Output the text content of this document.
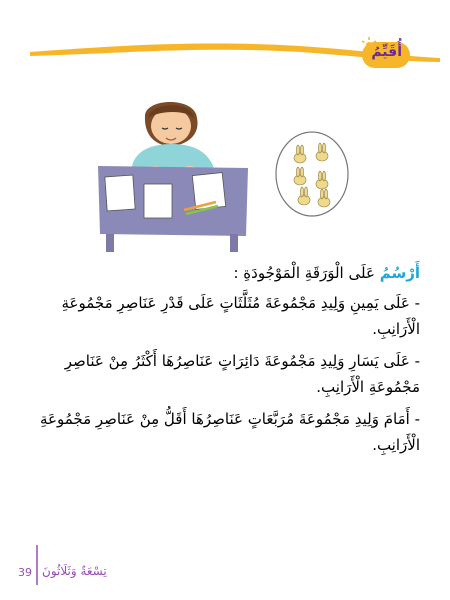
أُقَيِّمُ

أَرْسُمُ عَلَى الْوَرَقَةِ الْمَوْجُودَةِ :

- عَلَى يَمِينِ وَلِيدِ مَجْمُوعَةَ مُثَلَّثَاتٍ عَلَى قَدْرِ عَنَاصِرِ مَجْمُوعَةِ الْأَرَانِبِ.

- عَلَى يَسَارِ وَلِيدِ مَجْمُوعَةَ دَائِرَاتٍ عَنَاصِرُهَا أَكْثَرُ مِنْ عَنَاصِرِ مَجْمُوعَةِ الْأَرَانِبِ.

- أَمَامَ وَلِيدِ مَجْمُوعَةَ مُرَبَّعَاتٍ عَنَاصِرُهَا أَقَلُّ مِنْ عَنَاصِرِ مَجْمُوعَةِ الْأَرَانِبِ.

39 تِسْعَةٌ وَثَلَاثُونَ
